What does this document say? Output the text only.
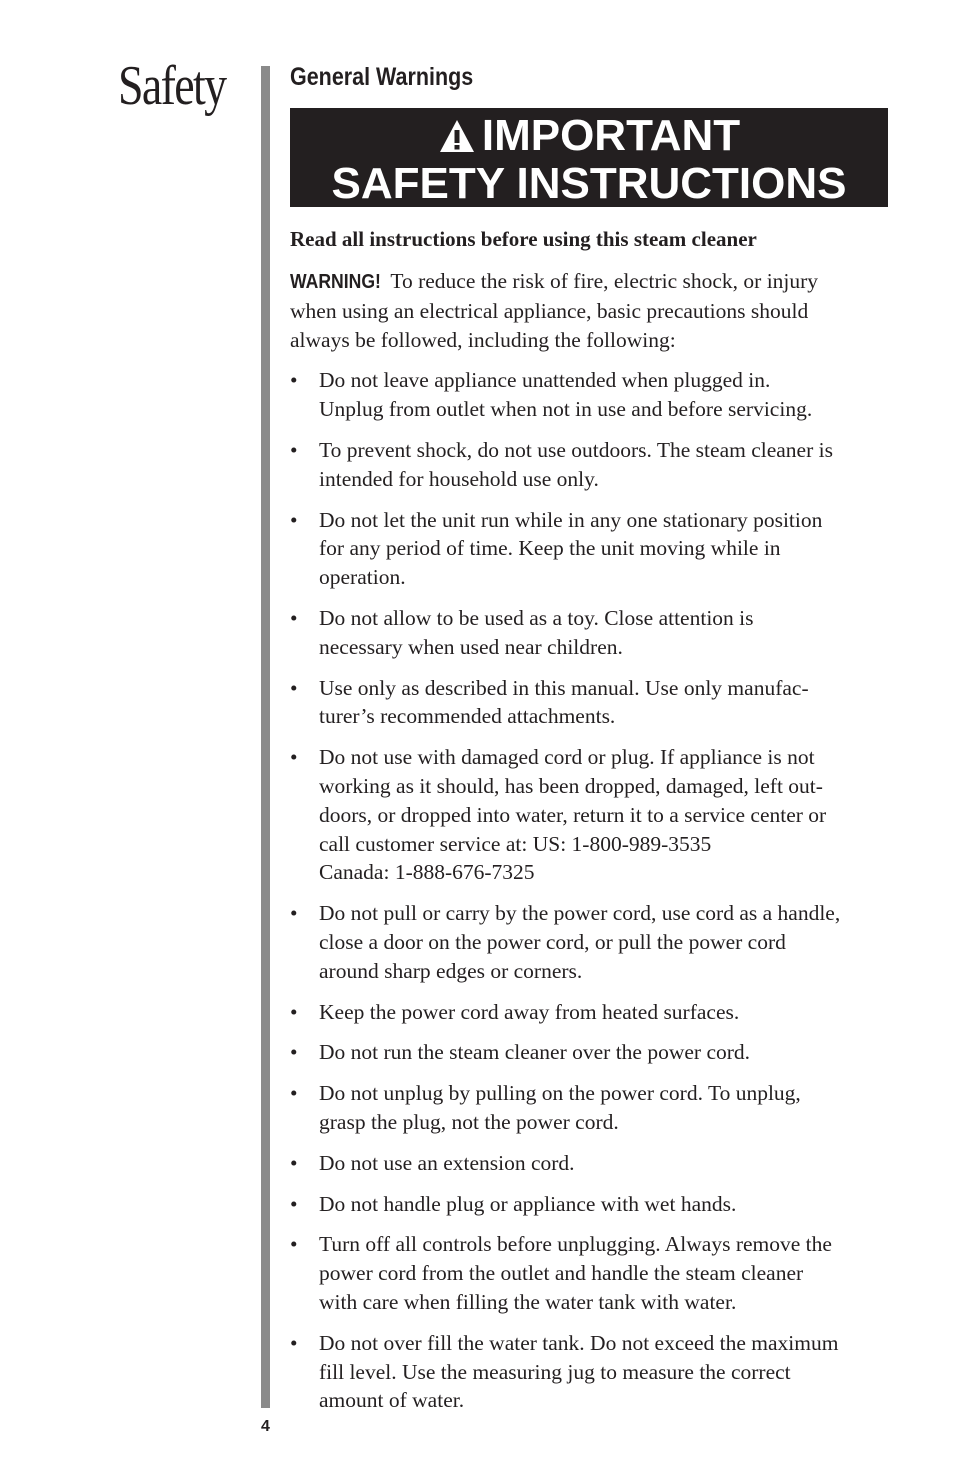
Safety
4
General Warnings
IMPORTANT
SAFETY INSTRUCTIONS
Read all instructions before using this steam cleaner
WARNING! To reduce the risk of fire, electric shock, or injury
when using an electrical appliance, basic precautions should
always be followed, including the following:
• Do not leave appliance unattended when plugged in.
Unplug from outlet when not in use and before servicing.
• To prevent shock, do not use outdoors. The steam cleaner is
intended for household use only.
• Do not let the unit run while in any one stationary position
for any period of time. Keep the unit moving while in
operation.
• Do not allow to be used as a toy. Close attention is
necessary when used near children.
• Use only as described in this manual. Use only manufac-
turer’s recommended attachments.
• Do not use with damaged cord or plug. If appliance is not
working as it should, has been dropped, damaged, left out-
doors, or dropped into water, return it to a service center or
call customer service at: US: 1-800-989-3535
Canada: 1-888-676-7325
• Do not pull or carry by the power cord, use cord as a handle,
close a door on the power cord, or pull the power cord
around sharp edges or corners.
• Keep the power cord away from heated surfaces.
• Do not run the steam cleaner over the power cord.
• Do not unplug by pulling on the power cord. To unplug,
grasp the plug, not the power cord.
• Do not use an extension cord.
• Do not handle plug or appliance with wet hands.
• Turn off all controls before unplugging. Always remove the
power cord from the outlet and handle the steam cleaner
with care when filling the water tank with water.
• Do not over fill the water tank. Do not exceed the maximum
fill level. Use the measuring jug to measure the correct
amount of water.
